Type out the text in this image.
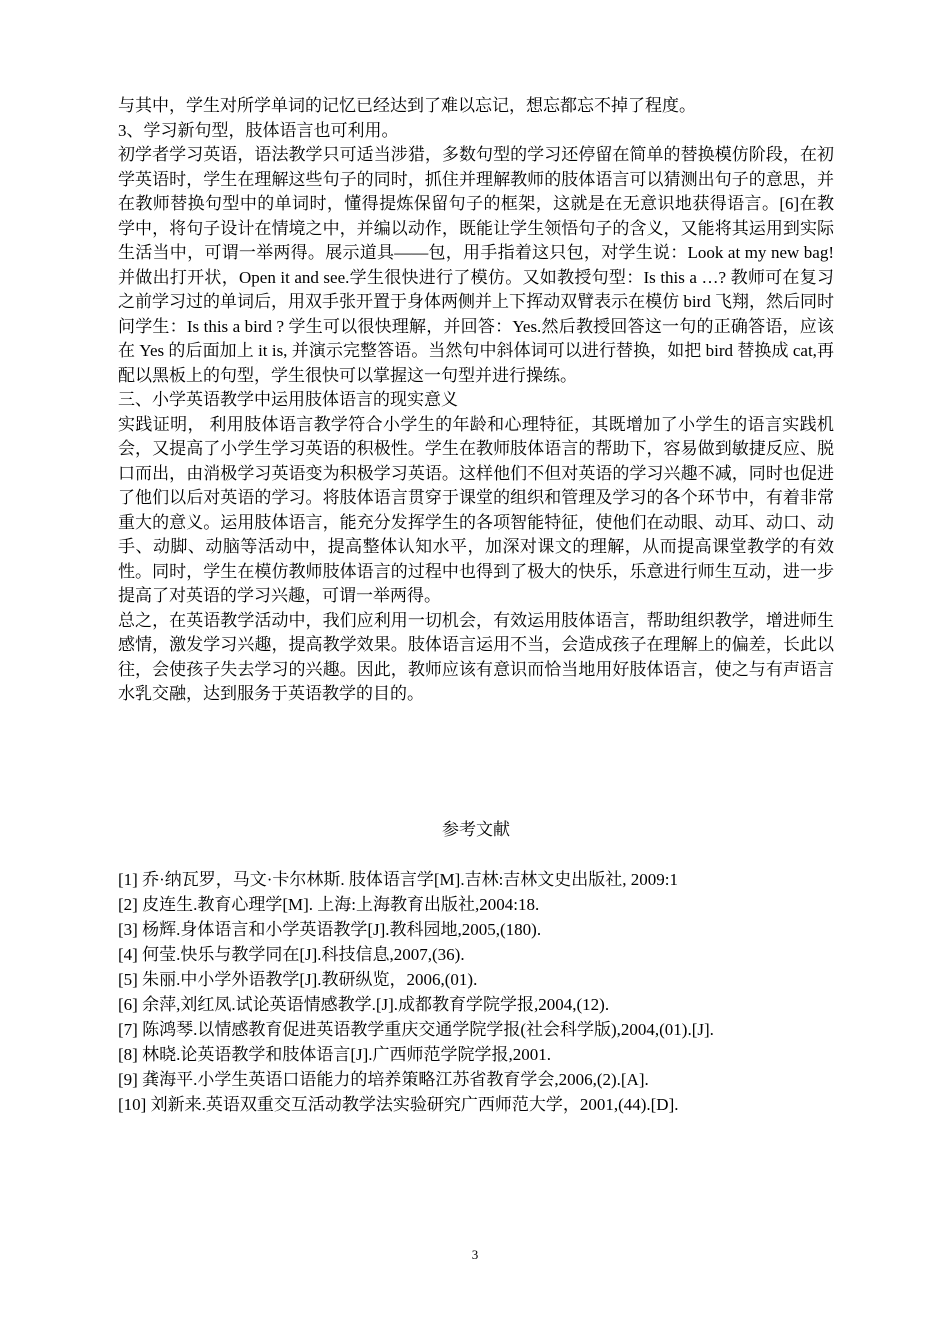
与其中，学生对所学单词的记忆已经达到了难以忘记，想忘都忘不掉了程度。

3、学习新句型，肢体语言也可利用。

初学者学习英语，语法教学只可适当涉猎，多数句型的学习还停留在简单的替换模仿阶段，在初学英语时，学生在理解这些句子的同时，抓住并理解教师的肢体语言可以猜测出句子的意思，并在教师替换句型中的单词时，懂得提炼保留句子的框架，这就是在无意识地获得语言。[6]在教学中，将句子设计在情境之中，并编以动作，既能让学生领悟句子的含义，又能将其运用到实际生活当中，可谓一举两得。展示道具——包，用手指着这只包，对学生说：Look at my new bag!并做出打开状，Open it and see.学生很快进行了模仿。又如教授句型：Is this a …? 教师可在复习之前学习过的单词后，用双手张开置于身体两侧并上下挥动双臂表示在模仿 bird 飞翔，然后同时问学生：Is this a bird ? 学生可以很快理解，并回答：Yes.然后教授回答这一句的正确答语，应该在 Yes 的后面加上 it is, 并演示完整答语。当然句中斜体词可以进行替换，如把 bird 替换成 cat,再配以黑板上的句型，学生很快可以掌握这一句型并进行操练。

三、小学英语教学中运用肢体语言的现实意义

实践证明， 利用肢体语言教学符合小学生的年龄和心理特征，其既增加了小学生的语言实践机会，又提高了小学生学习英语的积极性。学生在教师肢体语言的帮助下，容易做到敏捷反应、脱口而出，由消极学习英语变为积极学习英语。这样他们不但对英语的学习兴趣不减，同时也促进了他们以后对英语的学习。将肢体语言贯穿于课堂的组织和管理及学习的各个环节中，有着非常重大的意义。运用肢体语言，能充分发挥学生的各项智能特征，使他们在动眼、动耳、动口、动手、动脚、动脑等活动中，提高整体认知水平，加深对课文的理解，从而提高课堂教学的有效性。同时，学生在模仿教师肢体语言的过程中也得到了极大的快乐，乐意进行师生互动，进一步提高了对英语的学习兴趣，可谓一举两得。

总之，在英语教学活动中，我们应利用一切机会，有效运用肢体语言，帮助组织教学，增进师生感情，激发学习兴趣，提高教学效果。肢体语言运用不当，会造成孩子在理解上的偏差，长此以往，会使孩子失去学习的兴趣。因此，教师应该有意识而恰当地用好肢体语言，使之与有声语言水乳交融，达到服务于英语教学的目的。

参考文献
[1] 乔·纳瓦罗，马文·卡尔林斯. 肢体语言学[M].吉林:吉林文史出版社, 2009:1
[2] 皮连生.教育心理学[M]. 上海:上海教育出版社,2004:18.
[3] 杨辉.身体语言和小学英语教学[J].教科园地,2005,(180).
[4] 何莹.快乐与教学同在[J].科技信息,2007,(36).
[5] 朱丽.中小学外语教学[J].教研纵览，2006,(01).
[6] 余萍,刘红凤.试论英语情感教学.[J].成都教育学院学报,2004,(12).
[7] 陈鸿琴.以情感教育促进英语教学重庆交通学院学报(社会科学版),2004,(01).[J].
[8] 林晓.论英语教学和肢体语言[J].广西师范学院学报,2001.
[9] 龚海平.小学生英语口语能力的培养策略江苏省教育学会,2006,(2).[A].
[10] 刘新来.英语双重交互活动教学法实验研究广西师范大学，2001,(44).[D].
3
